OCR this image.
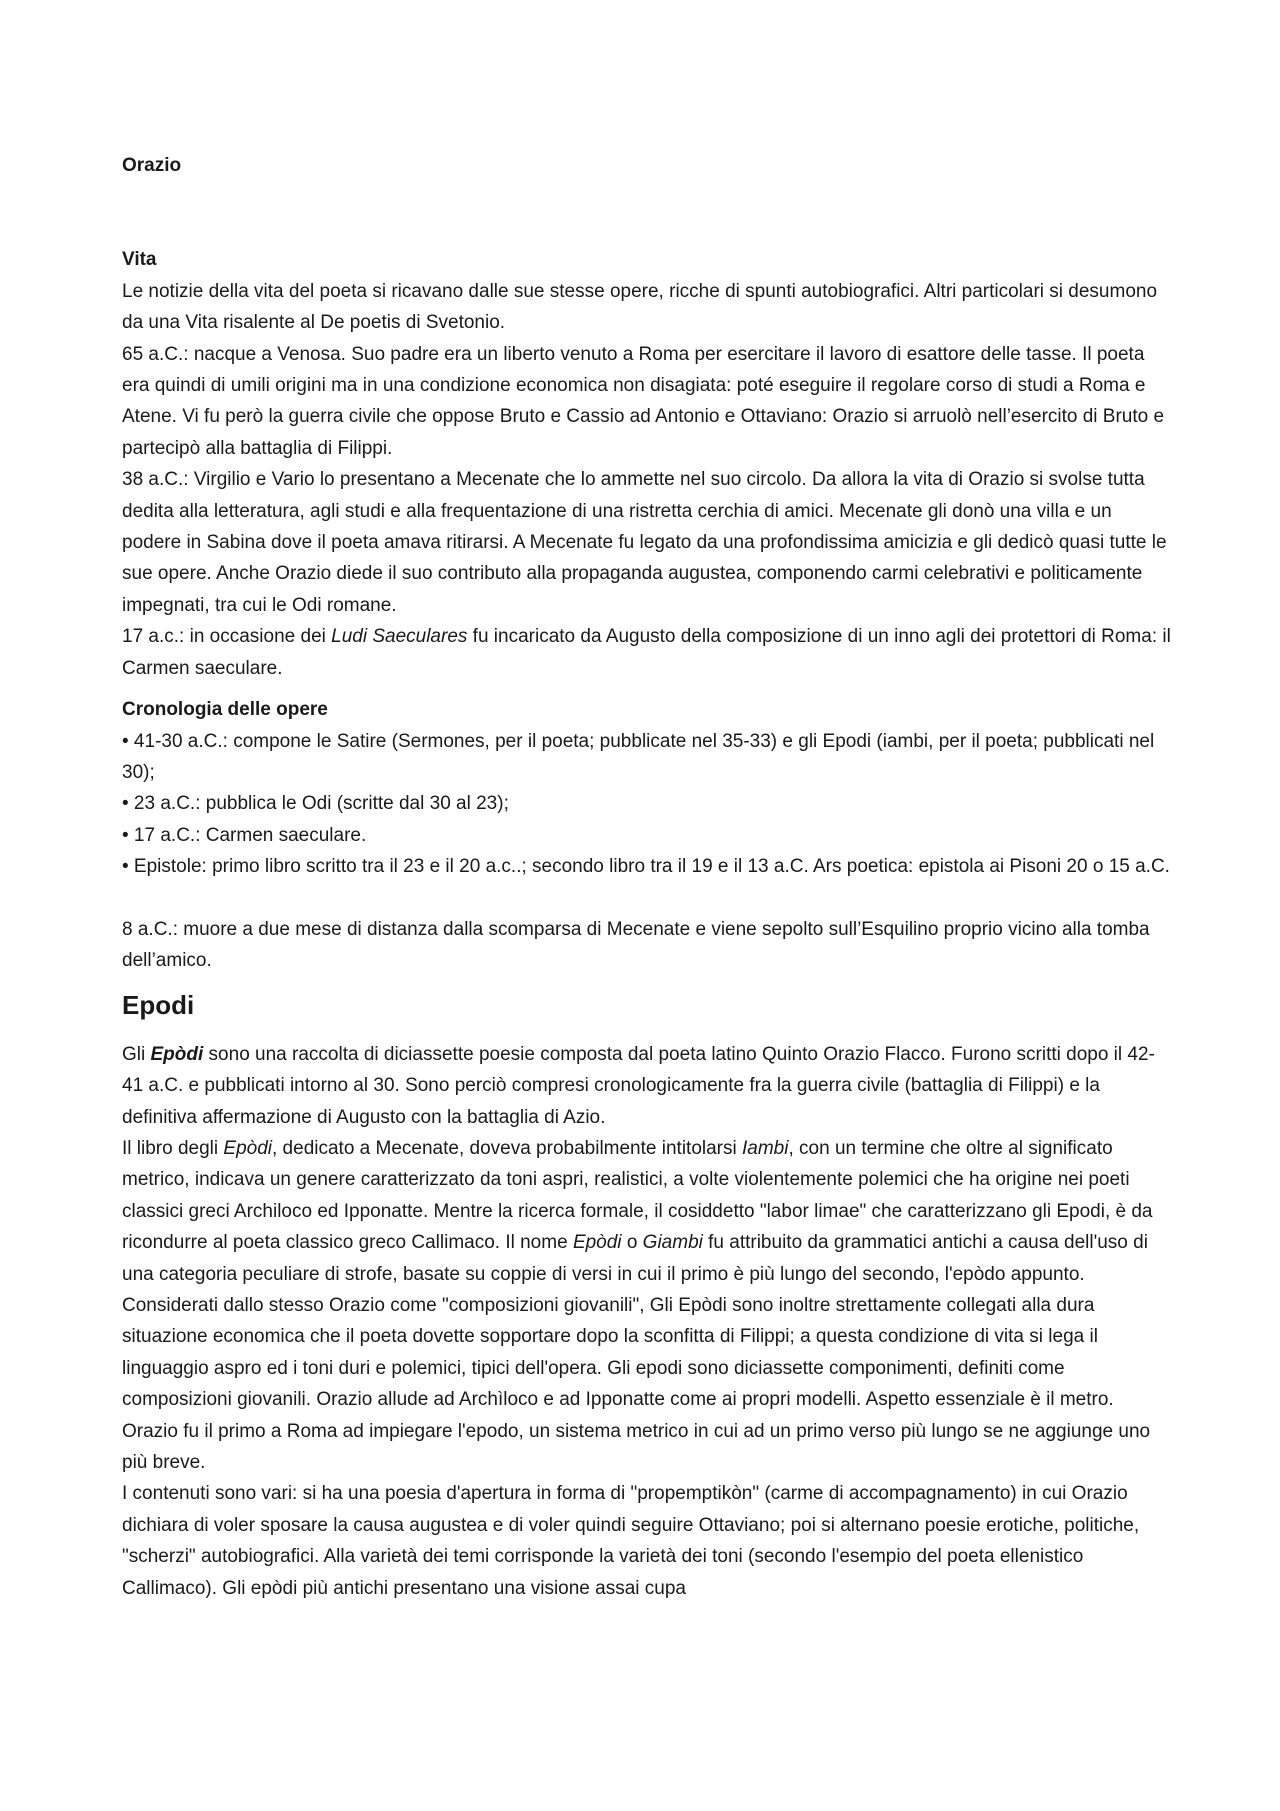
Orazio

Vita

Le notizie della vita del poeta si ricavano dalle sue stesse opere, ricche di spunti autobiografici. Altri particolari si desumono da una Vita risalente al De poetis di Svetonio.

65 a.C.: nacque a Venosa. Suo padre era un liberto venuto a Roma per esercitare il lavoro di esattore delle tasse. Il poeta era quindi di umili origini ma in una condizione economica non disagiata: poté eseguire il regolare corso di studi a Roma e Atene. Vi fu però la guerra civile che oppose Bruto e Cassio ad Antonio e Ottaviano: Orazio si arruolò nell’esercito di Bruto e partecipò alla battaglia di Filippi.

38 a.C.: Virgilio e Vario lo presentano a Mecenate che lo ammette nel suo circolo. Da allora la vita di Orazio si svolse tutta dedita alla letteratura, agli studi e alla frequentazione di una ristretta cerchia di amici. Mecenate gli donò una villa e un podere in Sabina dove il poeta amava ritirarsi. A Mecenate fu legato da una profondissima amicizia e gli dedicò quasi tutte le sue opere. Anche Orazio diede il suo contributo alla propaganda augustea, componendo carmi celebrativi e politicamente impegnati, tra cui le Odi romane.

17 a.c.: in occasione dei Ludi Saeculares fu incaricato da Augusto della composizione di un inno agli dei protettori di Roma: il Carmen saeculare.

Cronologia delle opere

• 41-30 a.C.: compone le Satire (Sermones, per il poeta; pubblicate nel 35-33) e gli Epodi (iambi, per il poeta; pubblicati nel 30);

• 23 a.C.: pubblica le Odi (scritte dal 30 al 23);

• 17 a.C.: Carmen saeculare.

• Epistole: primo libro scritto tra il 23 e il 20 a.c..; secondo libro tra il 19 e il 13 a.C. Ars poetica: epistola ai Pisoni 20 o 15 a.C.

8 a.C.: muore a due mese di distanza dalla scomparsa di Mecenate e viene sepolto sull’Esquilino proprio vicino alla tomba dell’amico.

Epodi

Gli Epòdi sono una raccolta di diciassette poesie composta dal poeta latino Quinto Orazio Flacco. Furono scritti dopo il 42-41 a.C. e pubblicati intorno al 30. Sono perciò compresi cronologicamente fra la guerra civile (battaglia di Filippi) e la definitiva affermazione di Augusto con la battaglia di Azio.

Il libro degli Epòdi, dedicato a Mecenate, doveva probabilmente intitolarsi Iambi, con un termine che oltre al significato metrico, indicava un genere caratterizzato da toni aspri, realistici, a volte violentemente polemici che ha origine nei poeti classici greci Archiloco ed Ipponatte. Mentre la ricerca formale, il cosiddetto "labor limae" che caratterizzano gli Epodi, è da ricondurre al poeta classico greco Callimaco. Il nome Epòdi o Giambi fu attribuito da grammatici antichi a causa dell'uso di una categoria peculiare di strofe, basate su coppie di versi in cui il primo è più lungo del secondo, l'epòdo appunto.

Considerati dallo stesso Orazio come "composizioni giovanili", Gli Epòdi sono inoltre strettamente collegati alla dura situazione economica che il poeta dovette sopportare dopo la sconfitta di Filippi; a questa condizione di vita si lega il linguaggio aspro ed i toni duri e polemici, tipici dell'opera. Gli epodi sono diciassette componimenti, definiti come composizioni giovanili. Orazio allude ad Archìloco e ad Ipponatte come ai propri modelli. Aspetto essenziale è il metro. Orazio fu il primo a Roma ad impiegare l'epodo, un sistema metrico in cui ad un primo verso più lungo se ne aggiunge uno più breve.

I contenuti sono vari: si ha una poesia d'apertura in forma di "propemptikòn" (carme di accompagnamento) in cui Orazio dichiara di voler sposare la causa augustea e di voler quindi seguire Ottaviano; poi si alternano poesie erotiche, politiche, "scherzi" autobiografici. Alla varietà dei temi corrisponde la varietà dei toni (secondo l'esempio del poeta ellenistico Callimaco). Gli epòdi più antichi presentano una visione assai cupa
